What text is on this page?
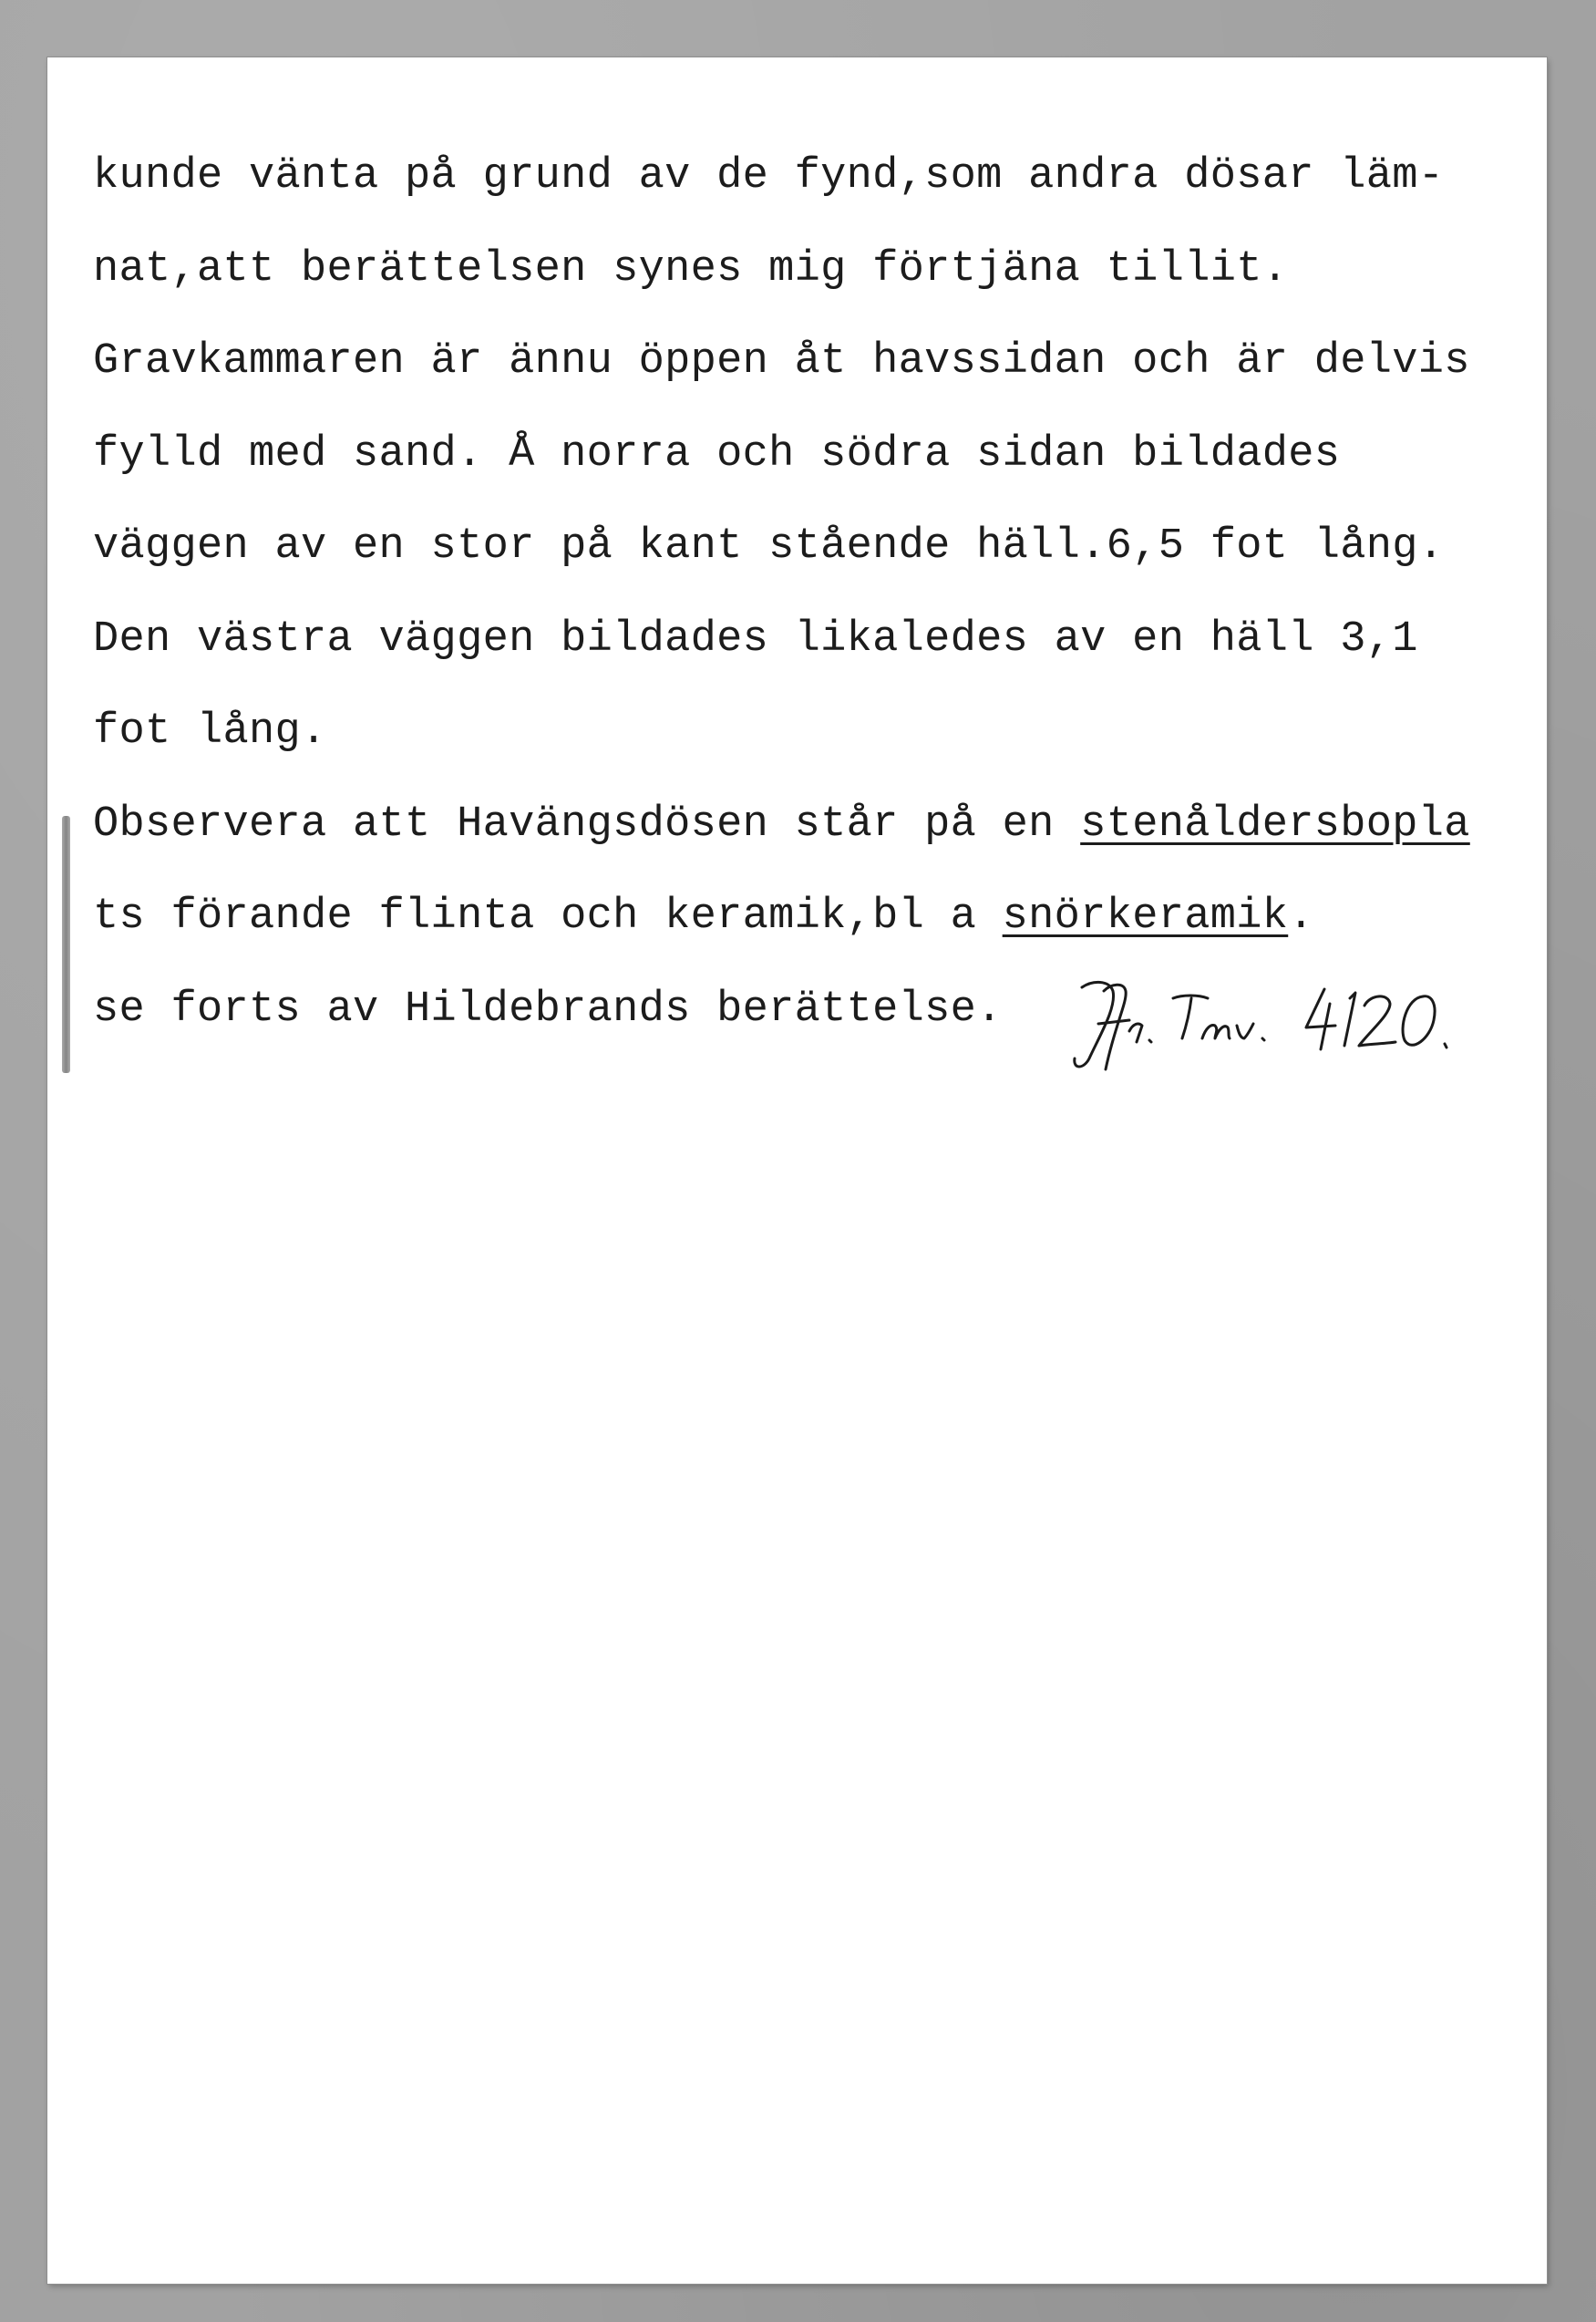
kunde vänta på grund av de fynd,som andra dösar läm-
nat,att berättelsen synes mig förtjäna tillit.
Gravkammaren är ännu öppen åt havssidan och är delvis
fylld med sand. Å norra och södra sidan bildades
väggen av en stor på kant stående häll.6,5 fot lång.
Den västra väggen bildades likaledes av en häll 3,1
fot lång.
Observera att Havängsdösen står på en stenåldersbopla
ts förande flinta och keramik,bl a snörkeramik.
se forts av Hildebrands berättelse.
